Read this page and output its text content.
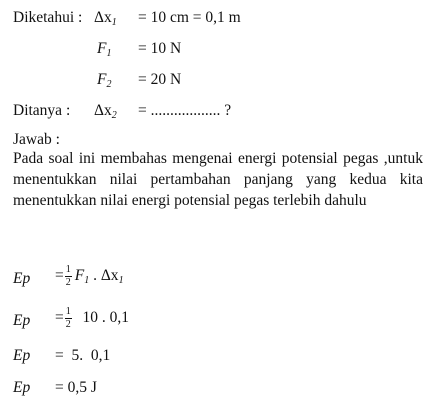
Diketahui : $\Delta x_1 = 10$ cm = 0,1 m
$F_1 = 10$ N
$F_2 = 20$ N
Ditanya : $\Delta x_2$ = .................. ?
Jawab :
Pada soal ini membahas mengenai energi potensial pegas ,untuk menentukkan nilai pertambahan panjang yang kedua kita menentukkan nilai energi potensial pegas terlebih dahulu
$Ep = \frac{1}{2} F_1$ . $\Delta x_1$
$Ep = \frac{1}{2} 10$ . 0,1
Ep =  5.  0,1
Ep = 0,5 J
